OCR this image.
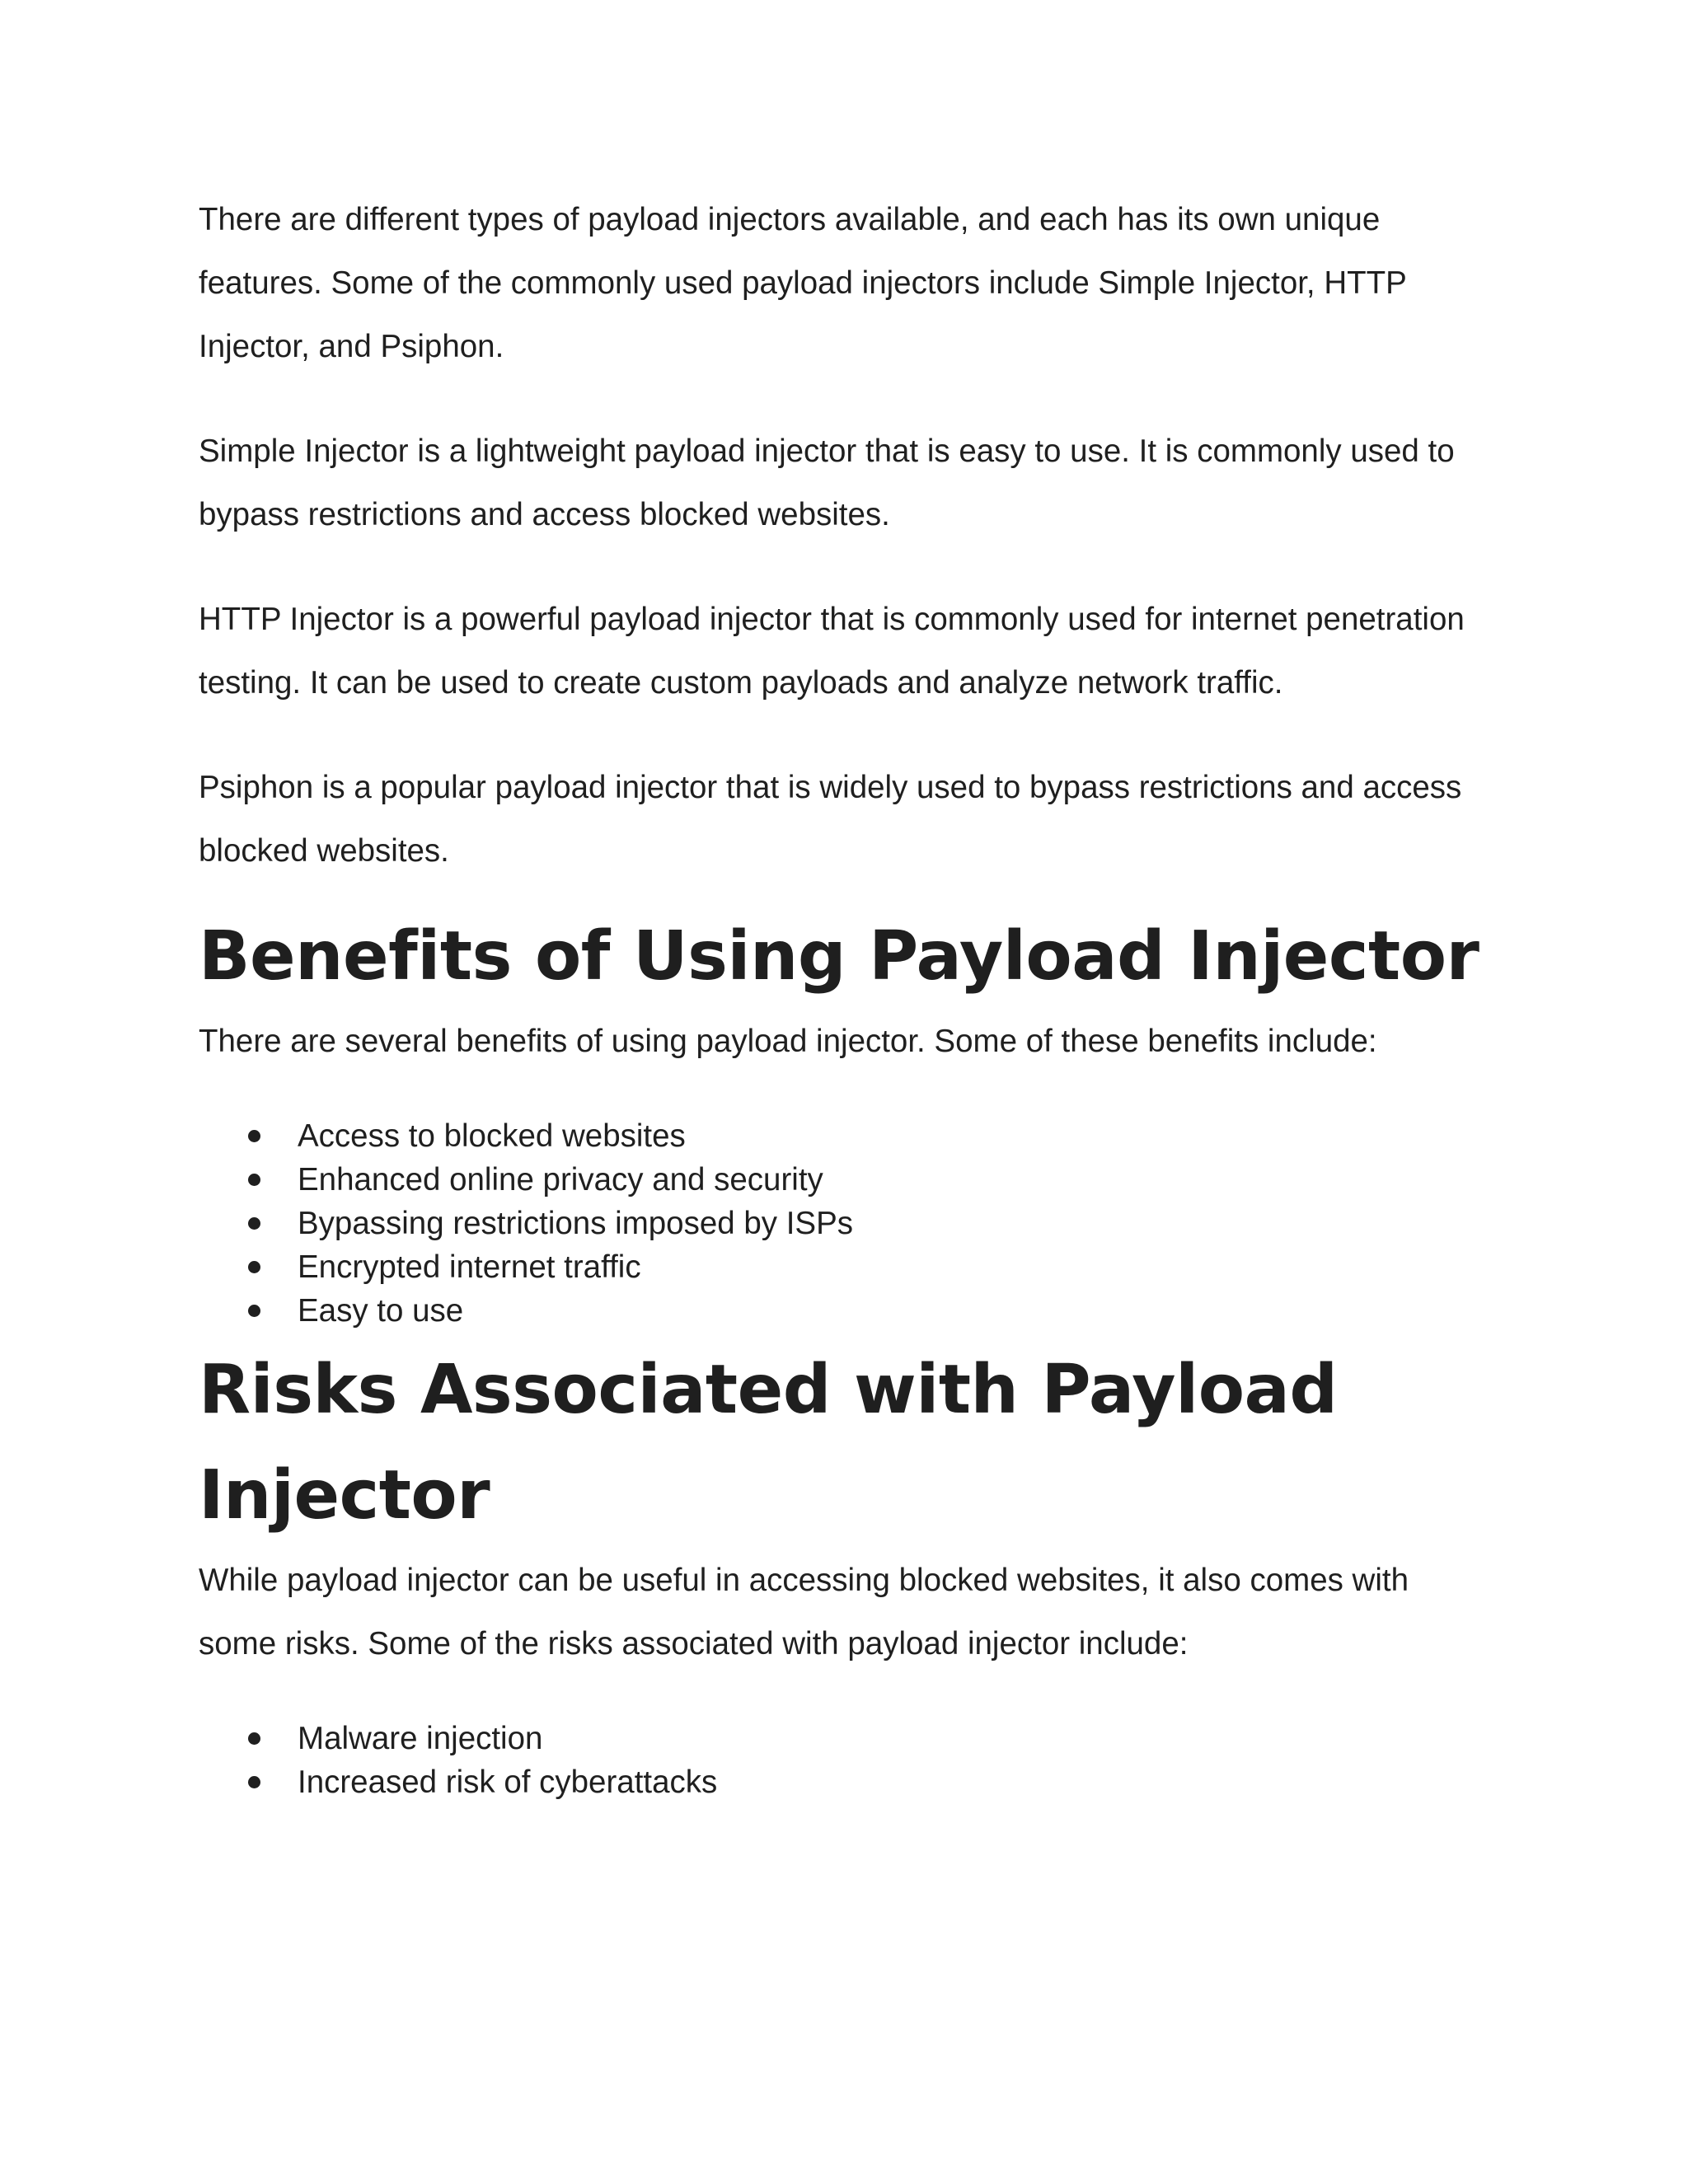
There are different types of payload injectors available, and each has its own unique features. Some of the commonly used payload injectors include Simple Injector, HTTP Injector, and Psiphon.

Simple Injector is a lightweight payload injector that is easy to use. It is commonly used to bypass restrictions and access blocked websites.

HTTP Injector is a powerful payload injector that is commonly used for internet penetration testing. It can be used to create custom payloads and analyze network traffic.

Psiphon is a popular payload injector that is widely used to bypass restrictions and access blocked websites.

Benefits of Using Payload Injector

There are several benefits of using payload injector. Some of these benefits include:

Access to blocked websites
Enhanced online privacy and security
Bypassing restrictions imposed by ISPs
Encrypted internet traffic
Easy to use
Risks Associated with Payload
Injector

While payload injector can be useful in accessing blocked websites, it also comes with some risks. Some of the risks associated with payload injector include:

Malware injection
Increased risk of cyberattacks
